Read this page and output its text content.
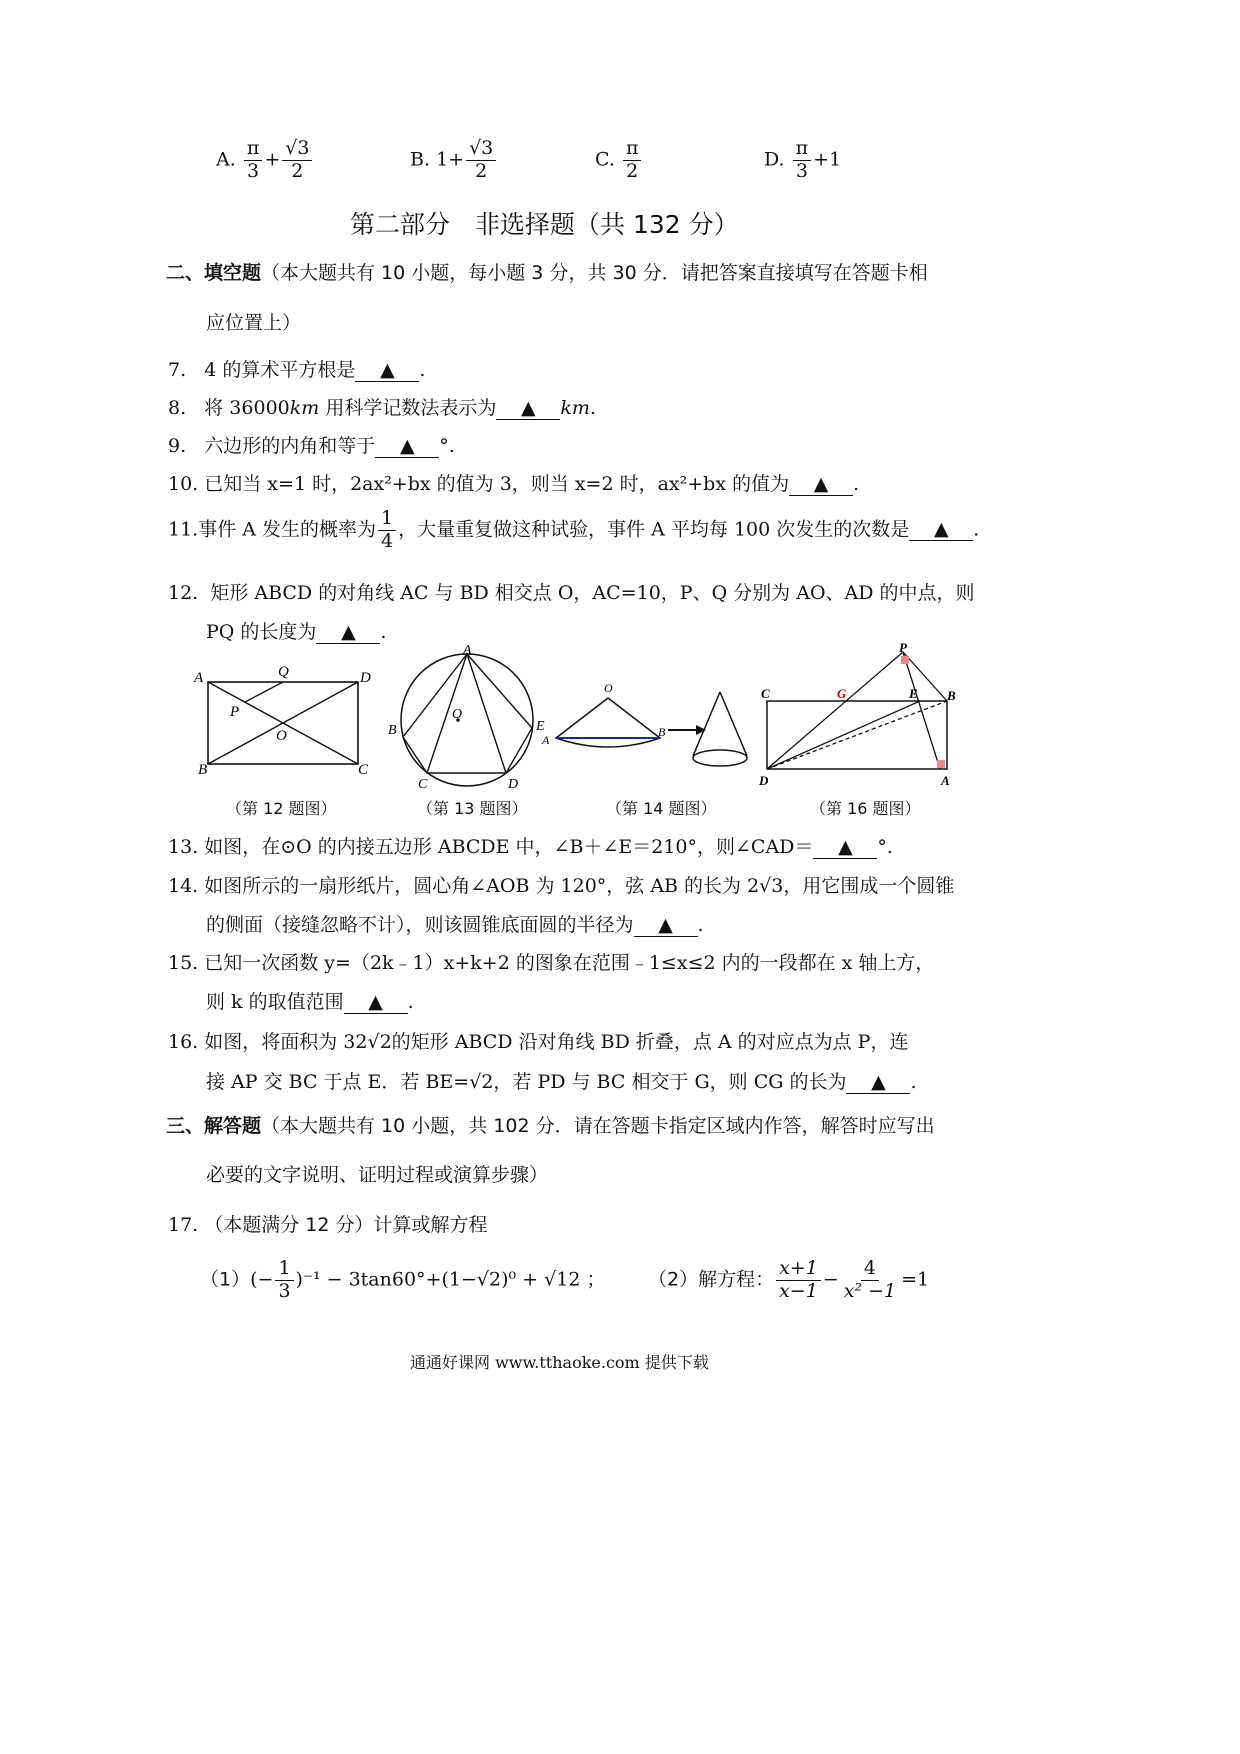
A. $\frac{\pi}{3} + \frac{√3}{2}$	B. $1+ \frac{√3}{2}$	C. $\frac{\pi}{2}$	D. $\frac{\pi}{3} +1$
第二部分　非选择题（共 132 分）
二、填空题（本大题共有 10 小题，每小题 3 分，共 30 分．请把答案直接填写在答题卡相
应位置上）
7. 4 的算术平方根是 ▲ .
8. 将 36000km 用科学记数法表示为 ▲ km.
9. 六边形的内角和等于 ▲ °.
10. 已知当 x=1 时，2ax²+bx 的值为 3，则当 x=2 时，ax²+bx 的值为 ▲ .
11.事件 A 发生的概率为 $\frac{1}{4}$ ，大量重复做这种试验，事件 A 平均每 100 次发生的次数是 ▲ .
12. 矩形 ABCD 的对角线 AC 与 BD 相交点 O，AC=10，P、Q 分别为 AO、AD 的中点，则
PQ 的长度为 ▲ .
A	Q	D
P
O
B	C
（第 12 题图）
A
B	E
O
C	D
（第 13 题图）
O
A
B
（第 14 题图）
C	G	E B
P
D	A
（第 16 题图）
13. 如图，在⊙O 的内接五边形 ABCDE 中，∠B＋∠E＝210°，则∠CAD＝ ▲ °.
14. 如图所示的一扇形纸片，圆心角∠AOB 为 120°，弦 AB 的长为 2√3，用它围成一个圆锥
的侧面（接缝忽略不计），则该圆锥底面圆的半径为 ▲ .
15. 已知一次函数 y=（2k﹣1）x+k+2 的图象在范围﹣1≤x≤2 内的一段都在 x 轴上方，
则 k 的取值范围 ▲ .
16. 如图，将面积为 32√2的矩形 ABCD 沿对角线 BD 折叠，点 A 的对应点为点 P，连
接 AP 交 BC 于点 E．若 BE=√2，若 PD 与 BC 相交于 G，则 CG 的长为 ▲ .
三、解答题（本大题共有 10 小题，共 102 分．请在答题卡指定区域内作答，解答时应写出
必要的文字说明、证明过程或演算步骤）
17. （本题满分 12 分）计算或解方程
$(1)(- \frac{1}{3} )^{-1} - 3\tan 60^\circ+(1-√2)^0 + √12$ ； （2）解方程： $\frac{x+1}{x-1} - \frac{4}{\text{x² −1}} =1$
通通好课网 www.tthaoke.com 提供下载
